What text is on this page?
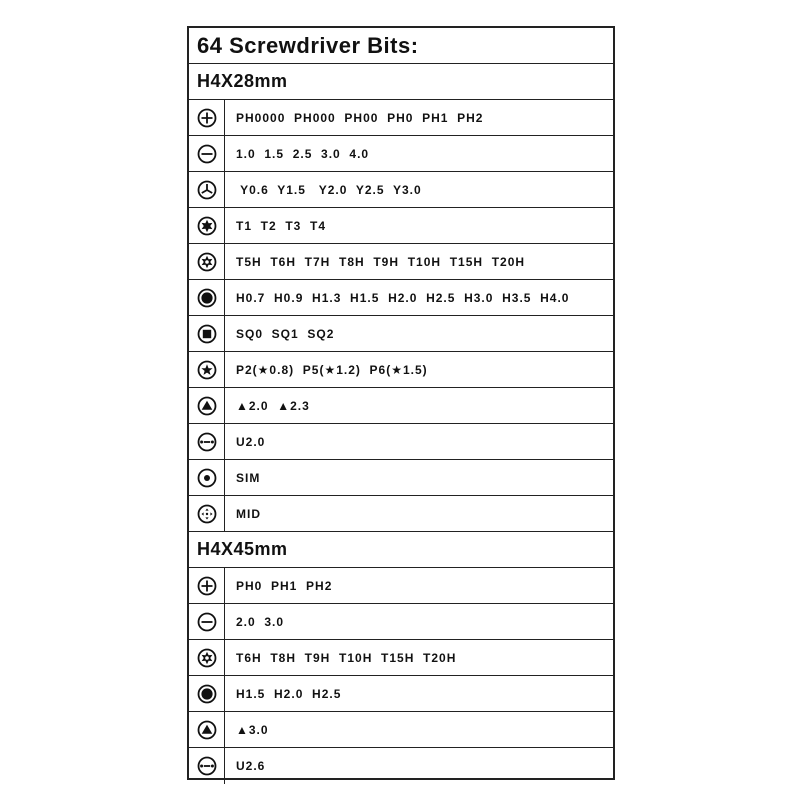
64 Screwdriver Bits:
H4X28mm
PH0000  PH000  PH00  PH0  PH1  PH2
1.0  1.5  2.5  3.0  4.0
Y0.6  Y1.5   Y2.0  Y2.5  Y3.0
T1  T2  T3  T4
T5H  T6H  T7H  T8H  T9H  T10H  T15H  T20H
H0.7  H0.9  H1.3  H1.5  H2.0  H2.5  H3.0  H3.5  H4.0
SQ0  SQ1  SQ2
P2(★0.8)  P5(★1.2)  P6(★1.5)
▲2.0  ▲2.3
U2.0
SIM
MID
H4X45mm
PH0  PH1  PH2
2.0  3.0
T6H  T8H  T9H  T10H  T15H  T20H
H1.5  H2.0  H2.5
▲3.0
U2.6
